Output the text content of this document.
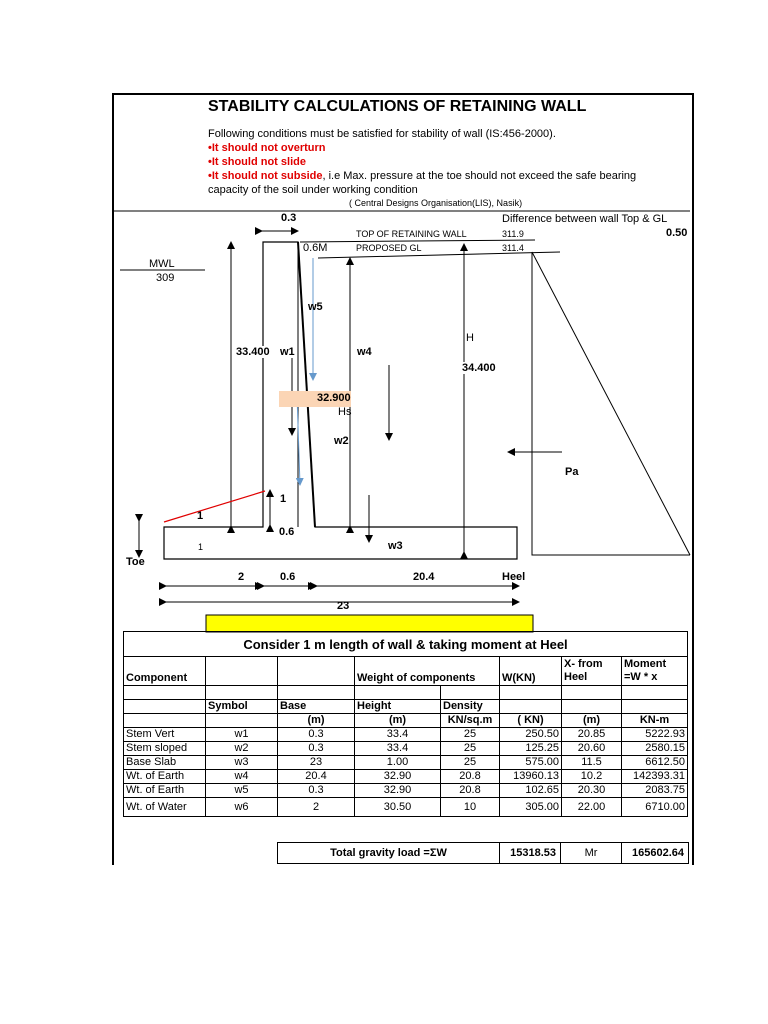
STABILITY CALCULATIONS OF RETAINING WALL
Following conditions must be satisfied for stability of wall (IS:456-2000).
•It should not overturn
•It should not slide
•It should not subside, i.e Max. pressure at the toe should not exceed the safe bearing
capacity of the soil under working condition
( Central Designs Organisation(LIS), Nasik)
0.3	Difference between wall Top & GL
TOP OF RETAINING WALL	311.9	0.50
PROPOSED GL	311.4
0.6M
MWL
309
w5
33.400 w1	w4
H
34.400
32.900
Hs
w2
Pa
1
1
0.6
1	w3
Toe
Heel
2	0.6	20.4
23
Consider 1 m length of wall & taking moment at Heel							
Component			Weight of components		W(KN)	X- from Heel	Moment =W * x

	Symbol	Base	Height	Density			
		(m)	(m)	KN/sq.m	( KN)	(m)	KN-m
Stem Vert	w1	0.3	33.4	25	250.50	20.85	5222.93
Stem sloped	w2	0.3	33.4	25	125.25	20.60	2580.15
Base Slab	w3	23	1.00	25	575.00	11.5	6612.50
Wt. of Earth	w4	20.4	32.90	20.8	13960.13	10.2	142393.31
Wt. of Earth	w5	0.3	32.90	20.8	102.65	20.30	2083.75
Wt. of Water	w6	2	30.50	10	305.00	22.00	6710.00
Total gravity load =ΣW	15318.53	Mr	165602.64
